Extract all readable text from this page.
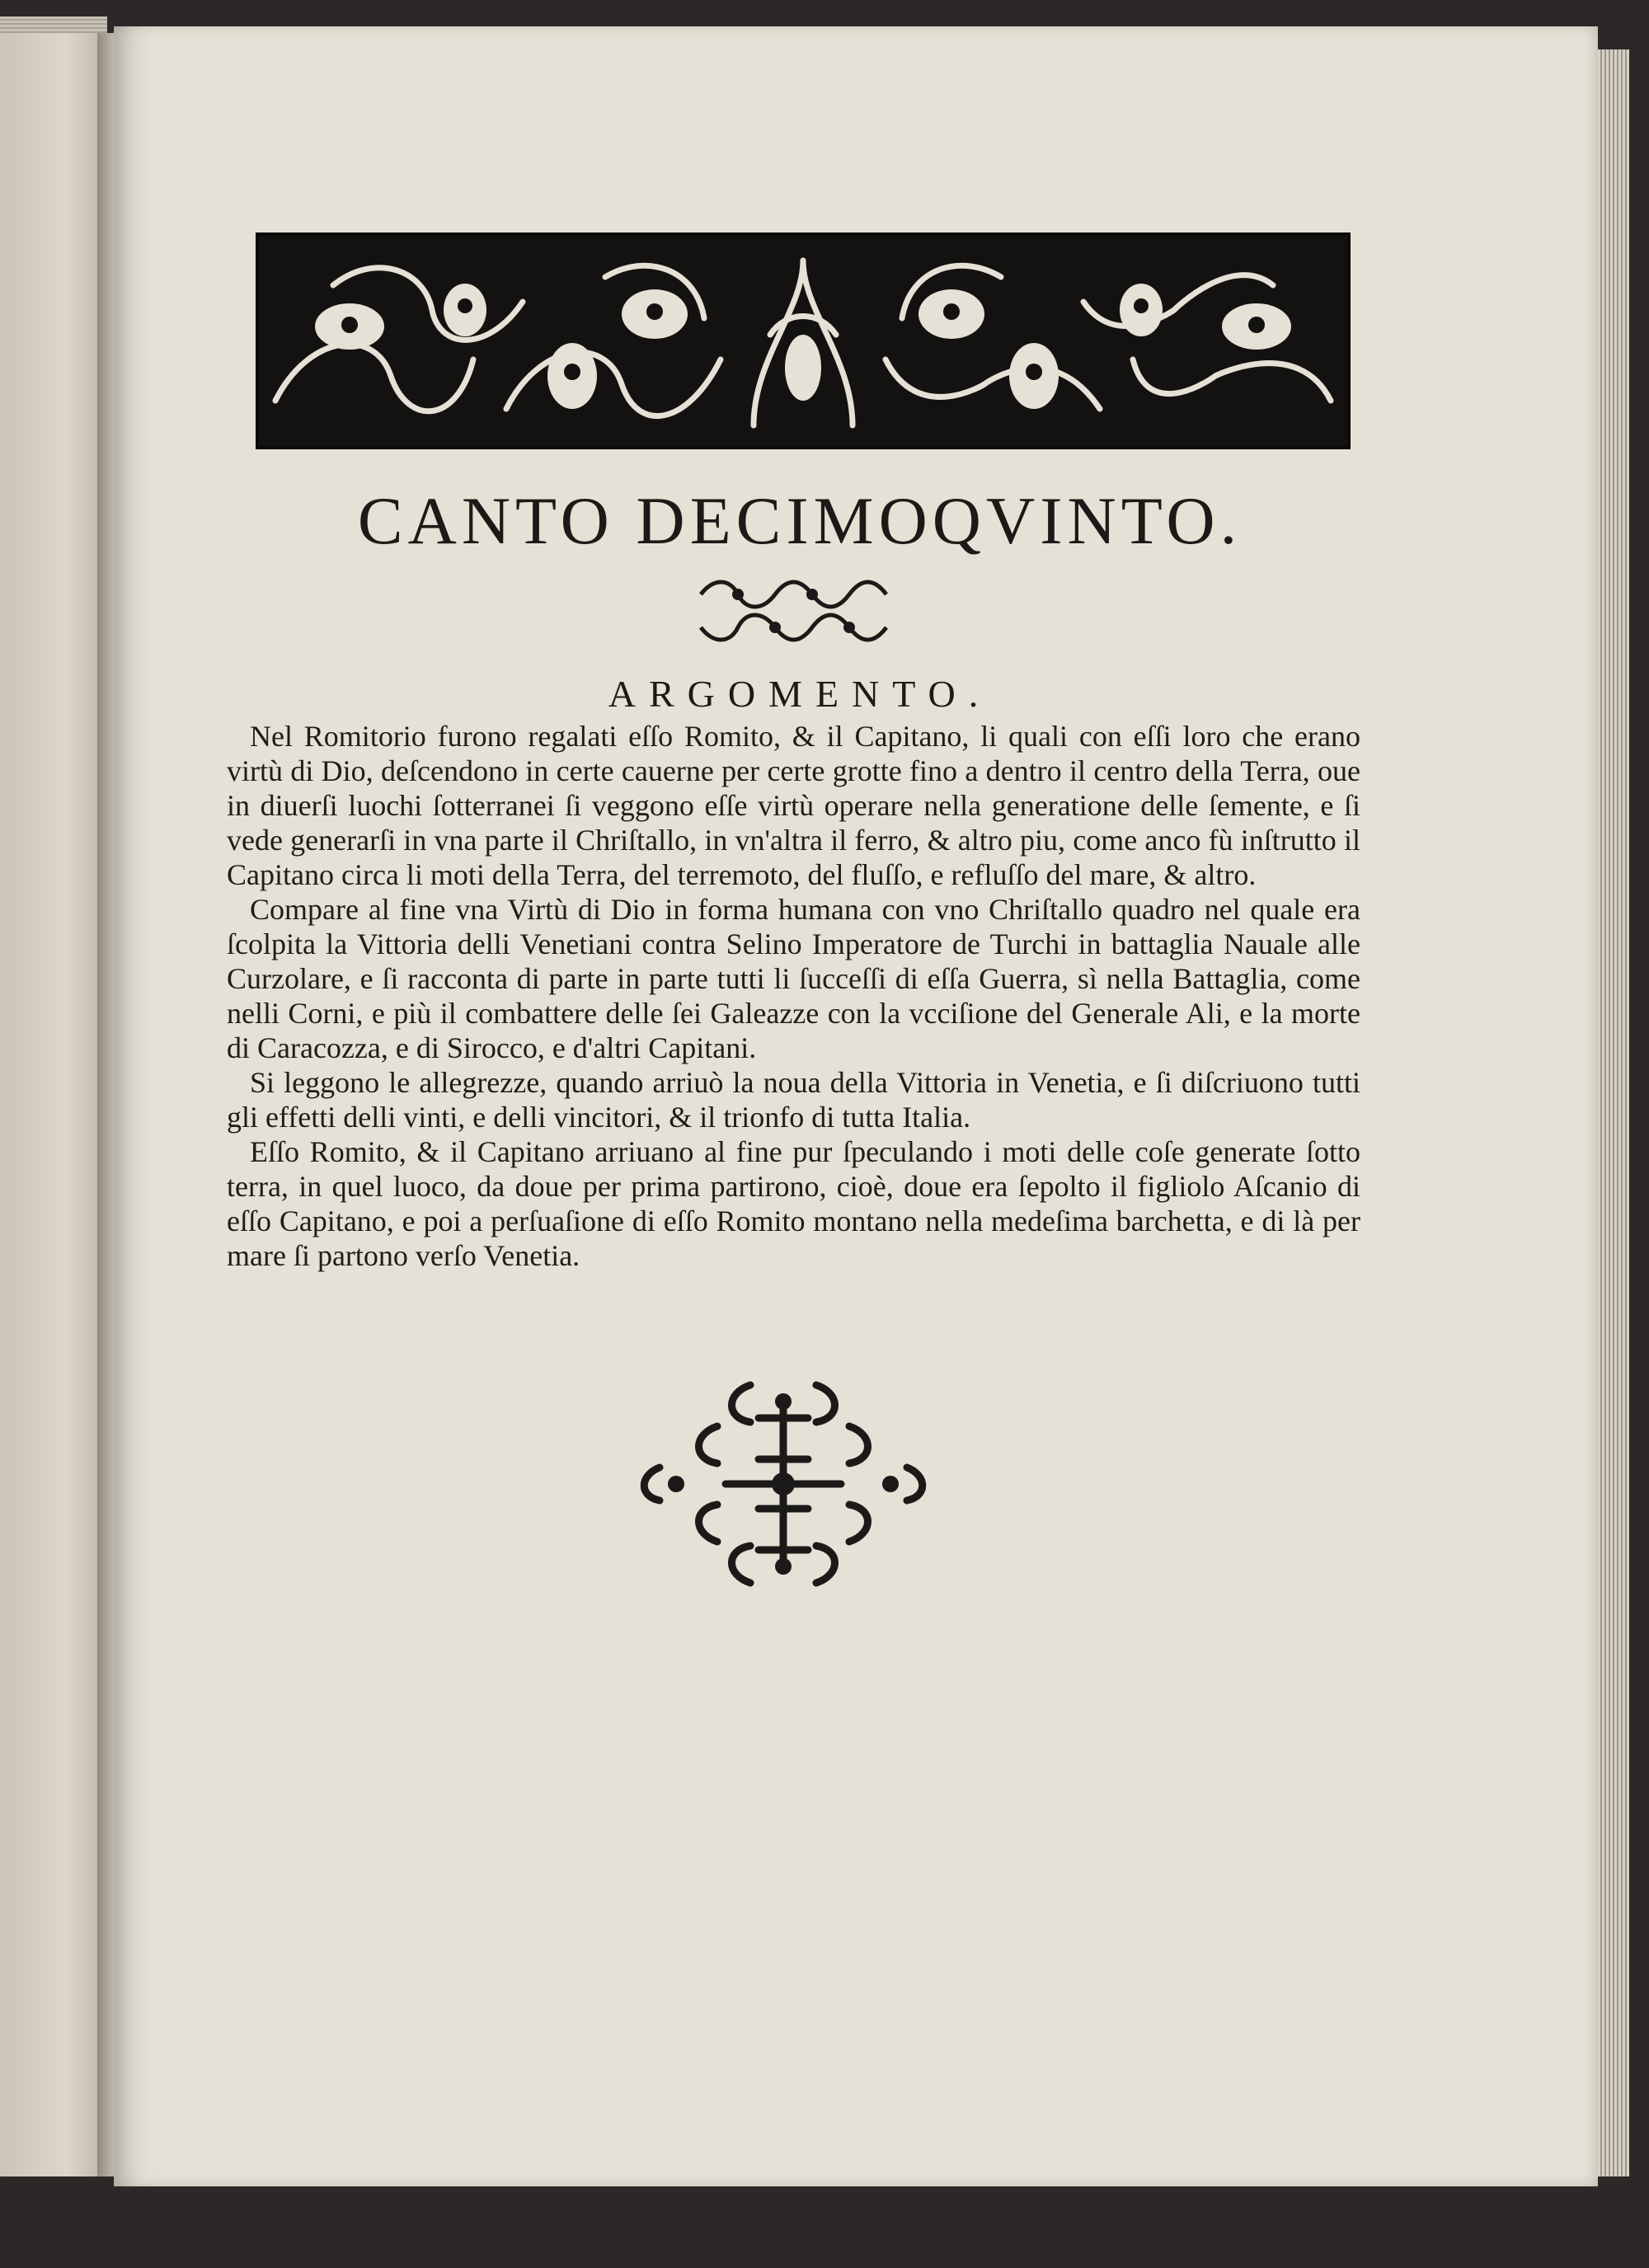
CANTO DECIMOQVINTO.
ARGOMENTO.

Nel Romitorio furono regalati eſſo Romito, & il Capitano, li quali con eſſi loro che erano virtù di Dio, deſcendono in certe cauerne per certe grotte fino a dentro il centro della Terra, oue in diuerſi luochi ſotterranei ſi veggono eſſe virtù operare nella generatione delle ſemente, e ſi vede generarſi in vna parte il Chriſtallo, in vn'altra il ferro, & altro piu, come anco fù inſtrutto il Capitano circa li moti della Terra, del terremoto, del fluſſo, e refluſſo del mare, & altro.

Compare al fine vna Virtù di Dio in forma humana con vno Chriſtallo quadro nel quale era ſcolpita la Vittoria delli Venetiani contra Selino Imperatore de Turchi in battaglia Nauale alle Curzolare, e ſi racconta di parte in parte tutti li ſucceſſi di eſſa Guerra, sì nella Battaglia, come nelli Corni, e più il combattere delle ſei Galeazze con la vcciſione del Generale Ali, e la morte di Caracozza, e di Sirocco, e d'altri Capitani.

Si leggono le allegrezze, quando arriuò la noua della Vittoria in Venetia, e ſi diſcriuono tutti gli effetti delli vinti, e delli vincitori, & il trionfo di tutta Italia.

Eſſo Romito, & il Capitano arriuano al fine pur ſpeculando i moti delle coſe generate ſotto terra, in quel luoco, da doue per prima partirono, cioè, doue era ſepolto il figliolo Aſcanio di eſſo Capitano, e poi a perſuaſione di eſſo Romito montano nella medeſima barchetta, e di là per mare ſi partono verſo Venetia.
